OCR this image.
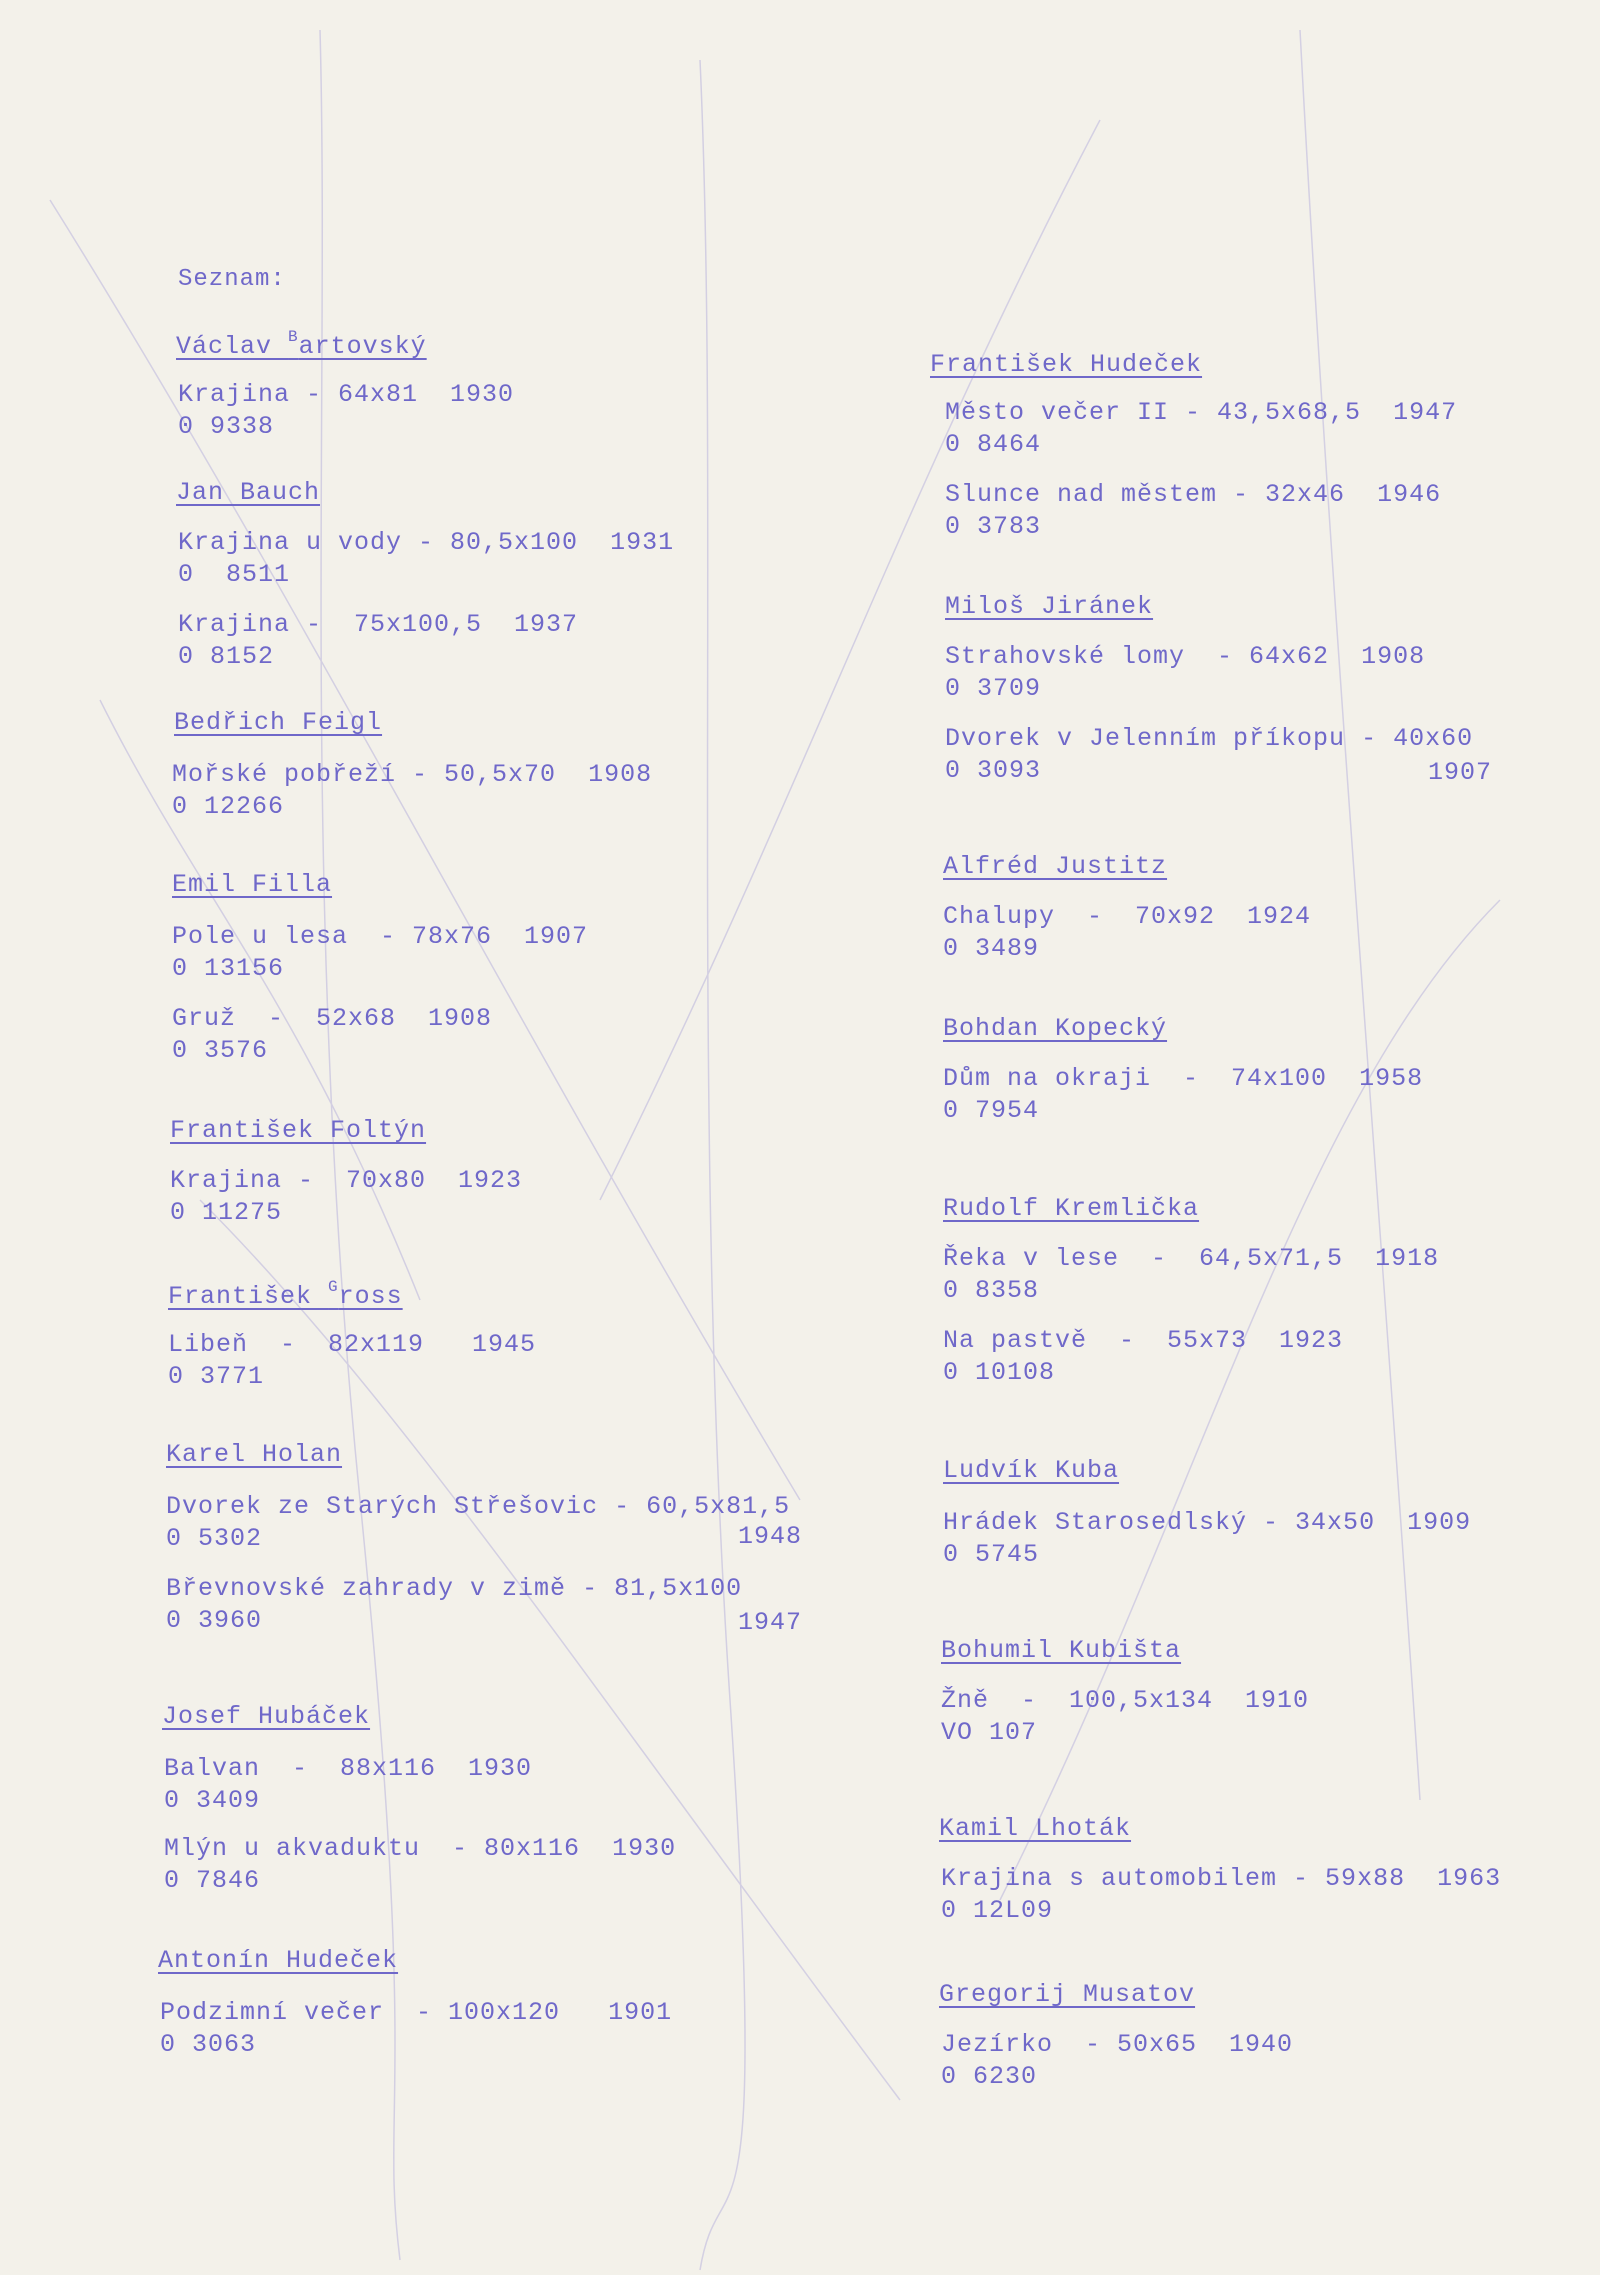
Seznam:
Václav $^B$artovský
Krajina - 64x81  1930
0 9338
Jan Bauch
Krajina u vody - 80,5x100  1931
0  8511
Krajina -  75x100,5  1937
0 8152
Bedřich Feigl
Mořské pobřeží - 50,5x70  1908
0 12266
Emil Filla
Pole u lesa  - 78x76  1907
0 13156
Gruž  -  52x68  1908
0 3576
František Foltýn
Krajina -  70x80  1923
0 11275
František $^G$ross
Libeň  -  82x119   1945
0 3771
Karel Holan
Dvorek ze Starých Střešovic - 60,5x81,5
0 5302	1948
Břevnovské zahrady v zimě - 81,5x100
0 3960	1947
Josef Hubáček
Balvan  -  88x116  1930
0 3409
Mlýn u akvaduktu  - 80x116  1930
0 7846
Antonín Hudeček
Podzimní večer  - 100x120   1901
0 3063
František Hudeček
Město večer II - 43,5x68,5  1947
0 8464
Slunce nad městem - 32x46  1946
0 3783
Miloš Jiránek
Strahovské lomy  - 64x62  1908
0 3709
Dvorek v Jelenním příkopu - 40x60
0 3093	1907
Alfréd Justitz
Chalupy  -  70x92  1924
0 3489
Bohdan Kopecký
Dům na okraji  -  74x100  1958
0 7954
Rudolf Kremlička
Řeka v lese  -  64,5x71,5  1918
0 8358
Na pastvě  -  55x73  1923
0 10108
Ludvík Kuba
Hrádek Starosedlský - 34x50  1909
0 5745
Bohumil Kubišta
Žně  -  100,5x134  1910
VO 107
Kamil Lhoták
Krajina s automobilem - 59x88  1963
0 12L09
Gregorij Musatov
Jezírko  - 50x65  1940
0 6230
